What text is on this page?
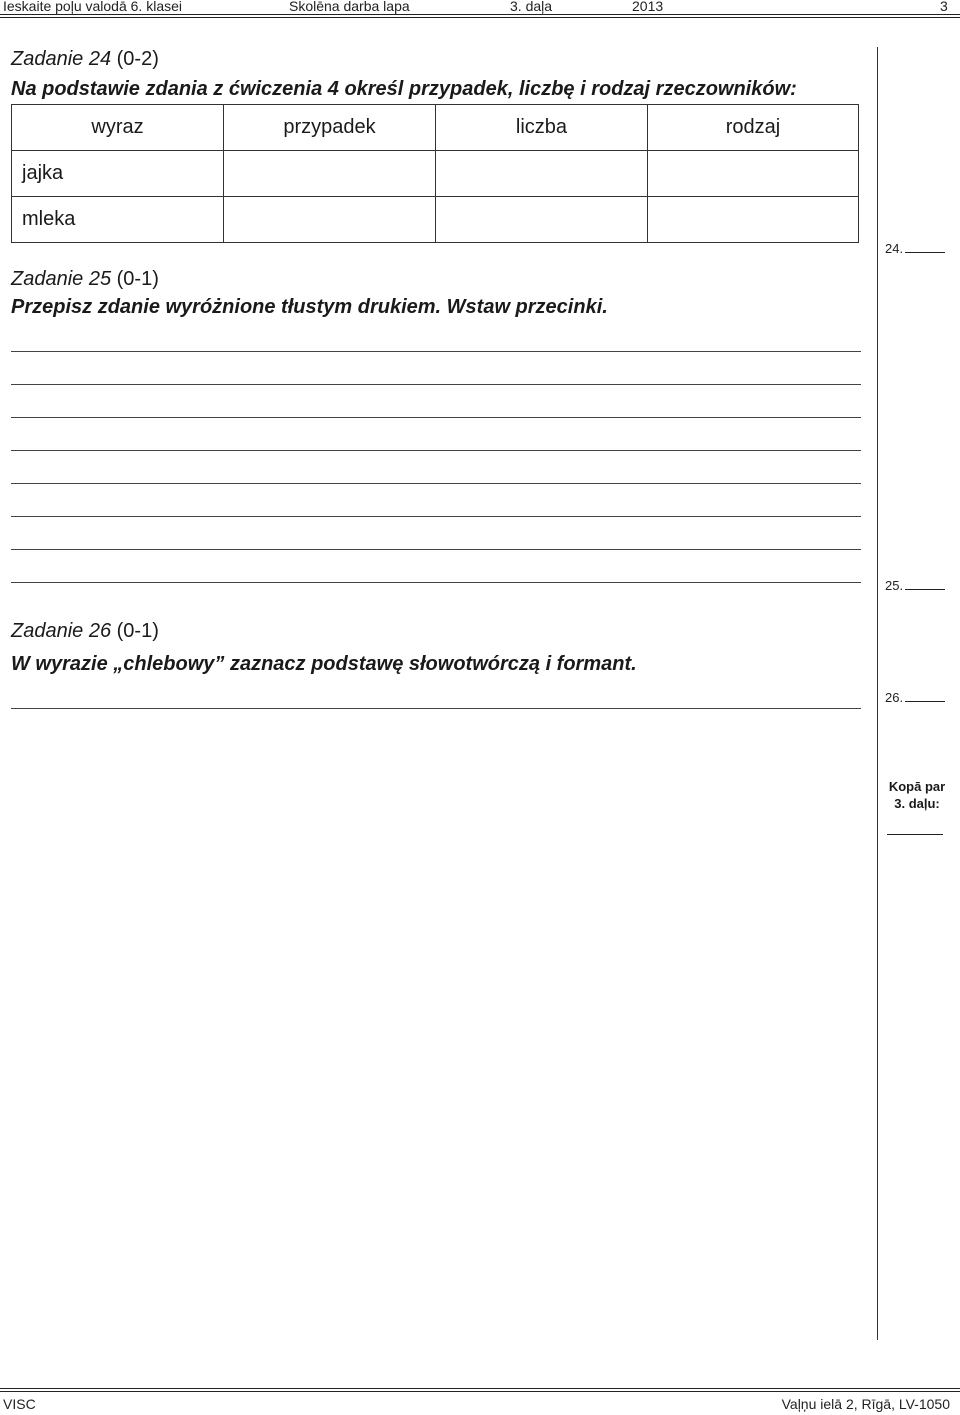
Ieskaite poļu valodā 6. klasei	Skolēna darba lapa	3. daļa	2013	3
Zadanie 24 (0-2)
Na podstawie zdania z ćwiczenia 4 określ przypadek, liczbę i rodzaj rzeczowników:
wyraz	przypadek	liczba	rodzaj
jajka			
mleka			
24.
Zadanie 25 (0-1)
Przepisz zdanie wyróżnione tłustym drukiem. Wstaw przecinki.
25.
Zadanie 26 (0-1)
W wyrazie „chlebowy” zaznacz podstawę słowotwórczą i formant.
26.
Kopā par
3. daļu:
VISC	Vaļņu ielā 2, Rīgā, LV-1050
